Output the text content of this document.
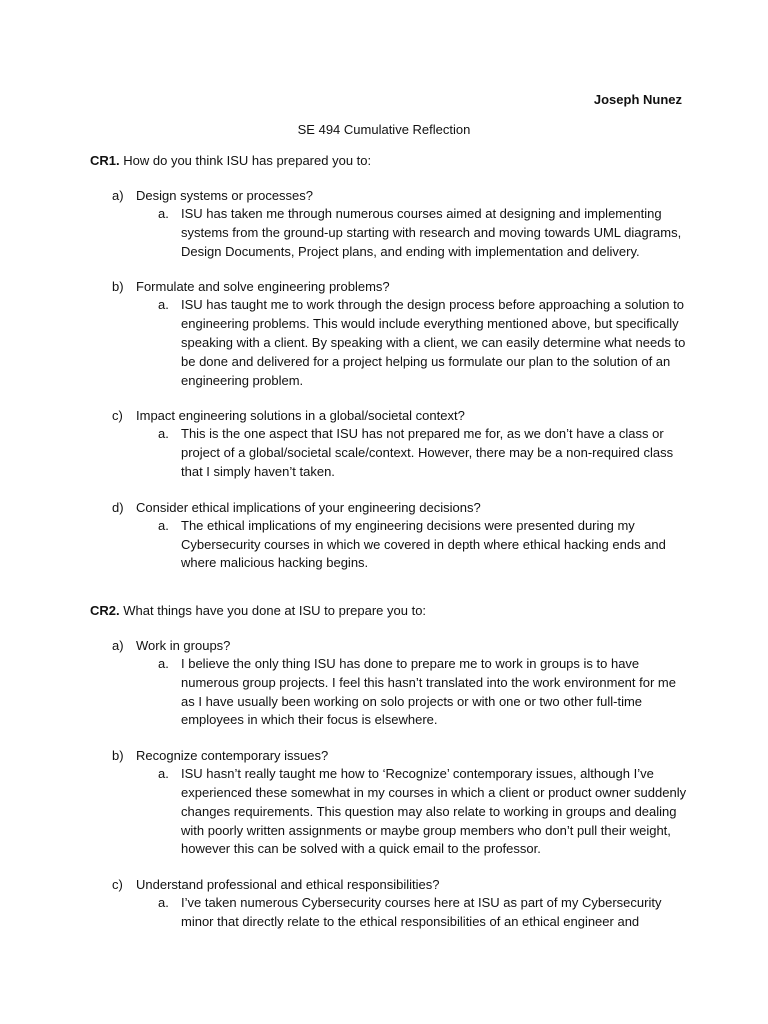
Joseph Nunez
SE 494 Cumulative Reflection

CR1. How do you think ISU has prepared you to:

a) Design systems or processes?
a. ISU has taken me through numerous courses aimed at designing and implementing systems from the ground-up starting with research and moving towards UML diagrams, Design Documents, Project plans, and ending with implementation and delivery.
b) Formulate and solve engineering problems?
a. ISU has taught me to work through the design process before approaching a solution to engineering problems. This would include everything mentioned above, but specifically speaking with a client. By speaking with a client, we can easily determine what needs to be done and delivered for a project helping us formulate our plan to the solution of an engineering problem.
c) Impact engineering solutions in a global/societal context?
a. This is the one aspect that ISU has not prepared me for, as we don’t have a class or project of a global/societal scale/context. However, there may be a non-required class that I simply haven’t taken.
d) Consider ethical implications of your engineering decisions?
a. The ethical implications of my engineering decisions were presented during my Cybersecurity courses in which we covered in depth where ethical hacking ends and where malicious hacking begins.

CR2. What things have you done at ISU to prepare you to:

a) Work in groups?
a. I believe the only thing ISU has done to prepare me to work in groups is to have numerous group projects. I feel this hasn’t translated into the work environment for me as I have usually been working on solo projects or with one or two other full-time employees in which their focus is elsewhere.
b) Recognize contemporary issues?
a. ISU hasn’t really taught me how to ‘Recognize’ contemporary issues, although I’ve experienced these somewhat in my courses in which a client or product owner suddenly changes requirements. This question may also relate to working in groups and dealing with poorly written assignments or maybe group members who don’t pull their weight, however this can be solved with a quick email to the professor.
c) Understand professional and ethical responsibilities?
a. I’ve taken numerous Cybersecurity courses here at ISU as part of my Cybersecurity minor that directly relate to the ethical responsibilities of an ethical engineer and
